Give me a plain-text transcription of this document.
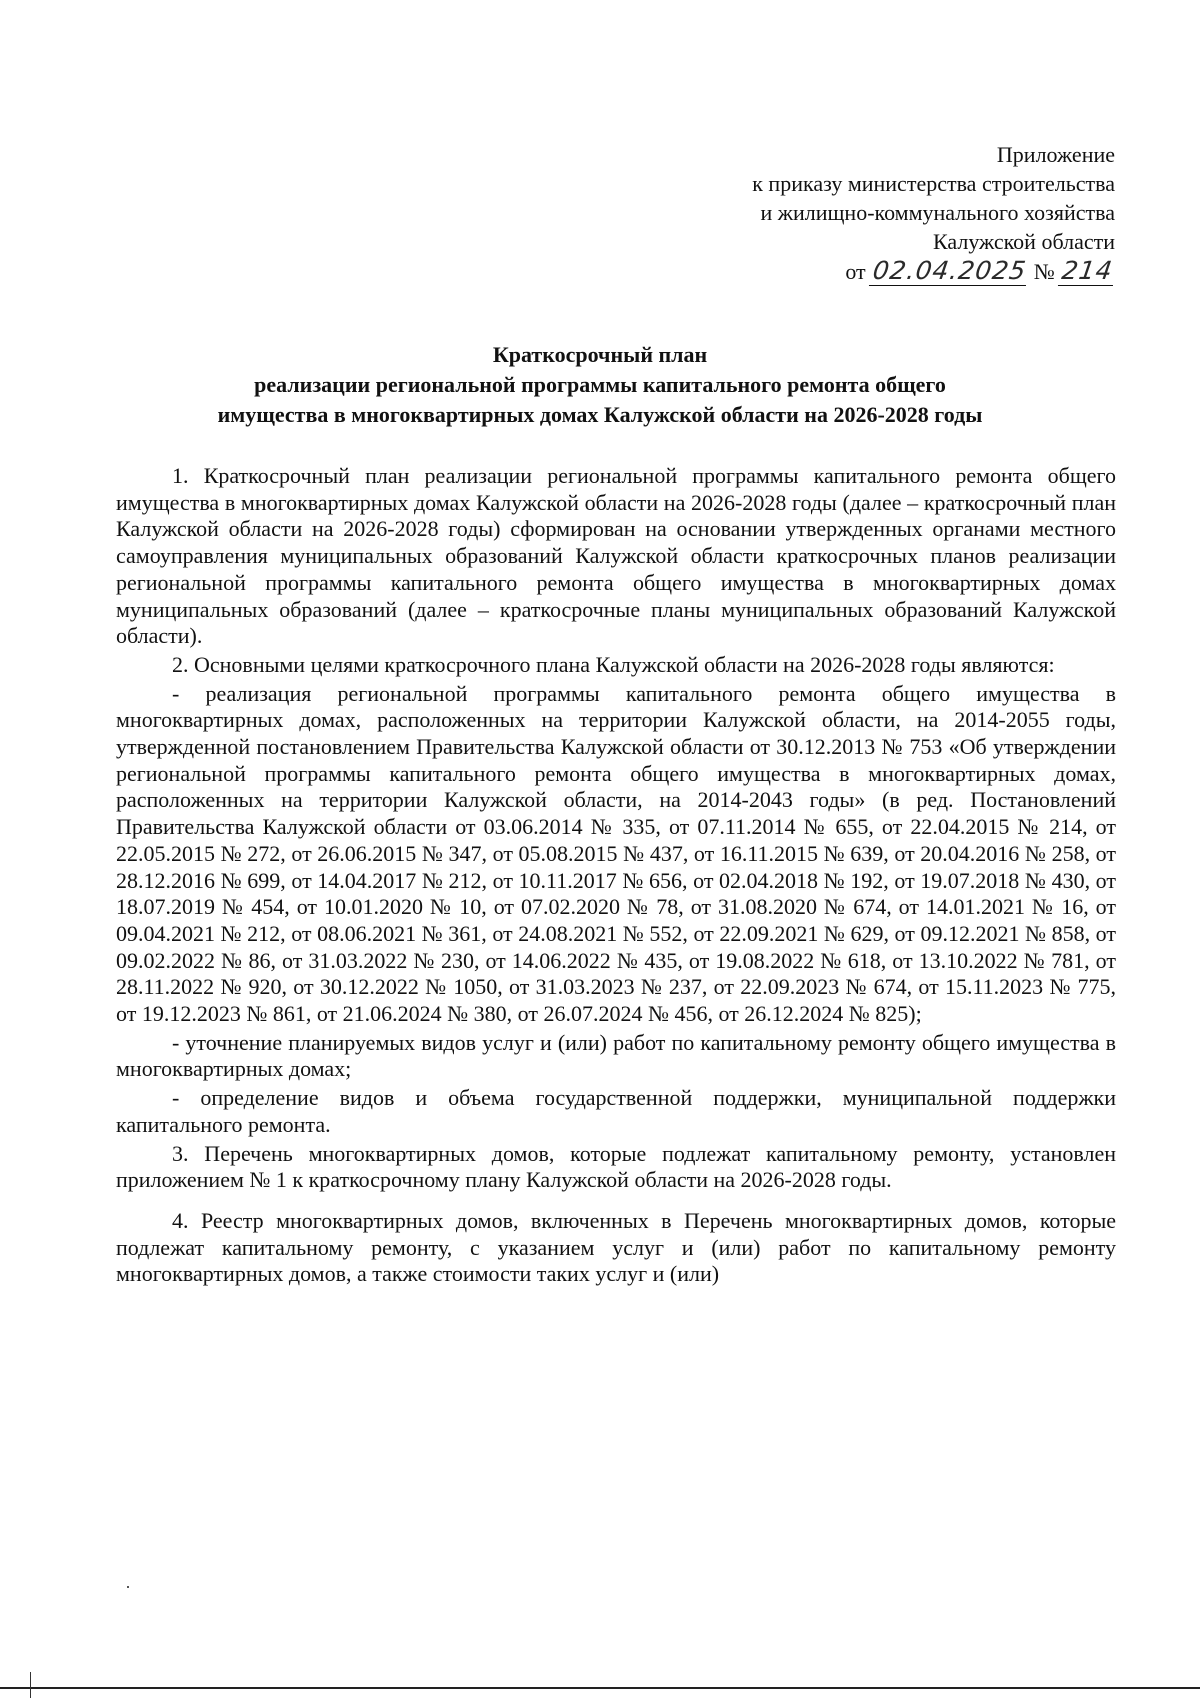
Приложение
к приказу министерства строительства
и жилищно-коммунального хозяйства
Калужской области
от 02.04.2025 № 214
Краткосрочный план
реализации региональной программы капитального ремонта общего
имущества в многоквартирных домах Калужской области на 2026-2028 годы

1. Краткосрочный план реализации региональной программы капитального ремонта общего имущества в многоквартирных домах Калужской области на 2026-2028 годы (далее – краткосрочный план Калужской области на 2026-2028 годы) сформирован на основании утвержденных органами местного самоуправления муниципальных образований Калужской области краткосрочных планов реализации региональной программы капитального ремонта общего имущества в многоквартирных домах муниципальных образований (далее – краткосрочные планы муниципальных образований Калужской области).

2. Основными целями краткосрочного плана Калужской области на 2026-2028 годы являются:

- реализация региональной программы капитального ремонта общего имущества в многоквартирных домах, расположенных на территории Калужской области, на 2014-2055 годы, утвержденной постановлением Правительства Калужской области от 30.12.2013 № 753 «Об утверждении региональной программы капитального ремонта общего имущества в многоквартирных домах, расположенных на территории Калужской области, на 2014-2043 годы» (в ред. Постановлений Правительства Калужской области от 03.06.2014 № 335, от 07.11.2014 № 655, от 22.04.2015 № 214, от 22.05.2015 № 272, от 26.06.2015 № 347, от 05.08.2015 № 437, от 16.11.2015 № 639, от 20.04.2016 № 258, от 28.12.2016 № 699, от 14.04.2017 № 212, от 10.11.2017 № 656, от 02.04.2018 № 192, от 19.07.2018 № 430, от 18.07.2019 № 454, от 10.01.2020 № 10, от 07.02.2020 № 78, от 31.08.2020 № 674, от 14.01.2021 № 16, от 09.04.2021 № 212, от 08.06.2021 № 361, от 24.08.2021 № 552, от 22.09.2021 № 629, от 09.12.2021 № 858, от 09.02.2022 № 86, от 31.03.2022 № 230, от 14.06.2022 № 435, от 19.08.2022 № 618, от 13.10.2022 № 781, от 28.11.2022 № 920, от 30.12.2022 № 1050, от 31.03.2023 № 237, от 22.09.2023 № 674, от 15.11.2023 № 775, от 19.12.2023 № 861, от 21.06.2024 № 380, от 26.07.2024 № 456, от 26.12.2024 № 825);

- уточнение планируемых видов услуг и (или) работ по капитальному ремонту общего имущества в многоквартирных домах;

- определение видов и объема государственной поддержки, муниципальной поддержки капитального ремонта.

3. Перечень многоквартирных домов, которые подлежат капитальному ремонту, установлен приложением № 1 к краткосрочному плану Калужской области на 2026-2028 годы.

4. Реестр многоквартирных домов, включенных в Перечень многоквартирных домов, которые подлежат капитальному ремонту, с указанием услуг и (или) работ по капитальному ремонту многоквартирных домов, а также стоимости таких услуг и (или)
